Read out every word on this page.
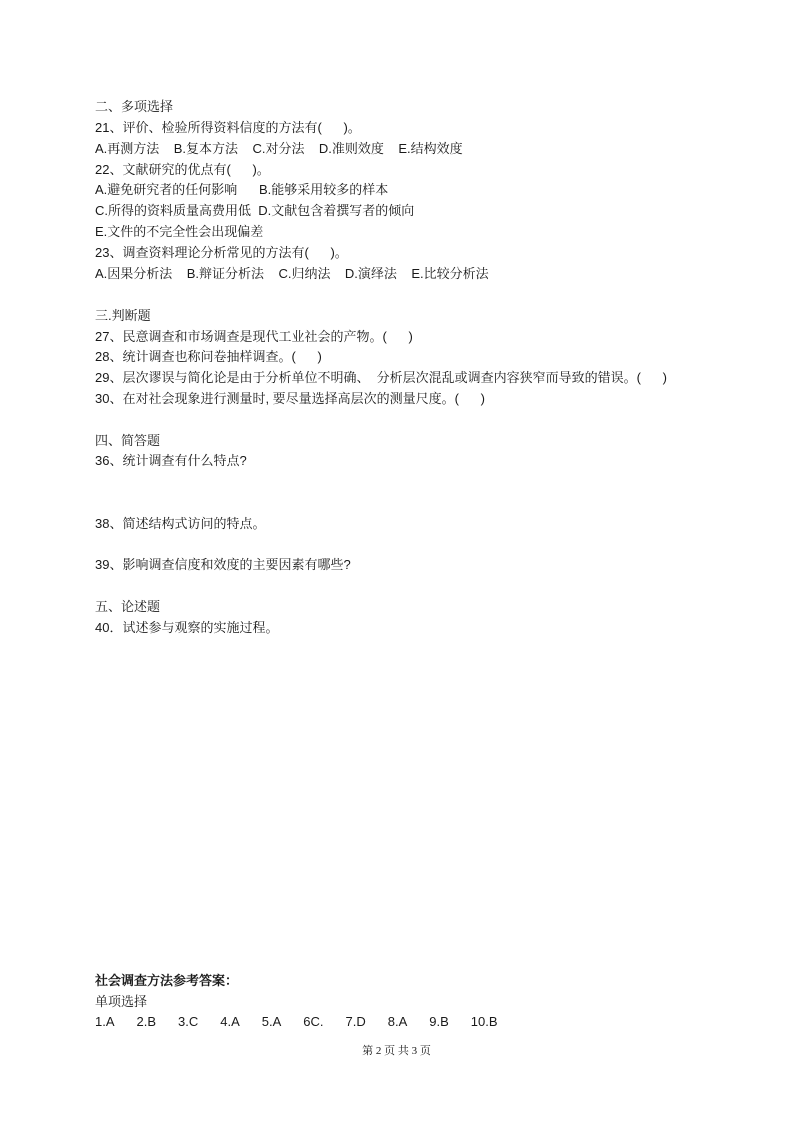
二、多项选择
21、评价、检验所得资料信度的方法有(      )。
A.再测方法    B.复本方法    C.对分法    D.准则效度    E.结构效度
22、文献研究的优点有(      )。
A.避免研究者的任何影响      B.能够采用较多的样本
C.所得的资料质量高费用低  D.文献包含着撰写者的倾向
E.文件的不完全性会出现偏差
23、调查资料理论分析常见的方法有(      )。
A.因果分析法    B.辩证分析法    C.归纳法    D.演绎法    E.比较分析法
三.判断题
27、民意调查和市场调查是现代工业社会的产物。(      )
28、统计调查也称问卷抽样调查。(      )
29、层次谬误与简化论是由于分析单位不明确、  分析层次混乱或调查内容狭窄而导致的错误。(      )
30、在对社会现象进行测量时, 要尽量选择高层次的测量尺度。(      )
四、简答题
36、统计调查有什么特点?
38、简述结构式访问的特点。
39、影响调查信度和效度的主要因素有哪些?
五、论述题
40．试述参与观察的实施过程。
社会调查方法参考答案：
单项选择
1.A 2.B 3.C 4.A 5.A 6C. 7.D 8.A 9.B 10.B
第 2 页 共 3 页
